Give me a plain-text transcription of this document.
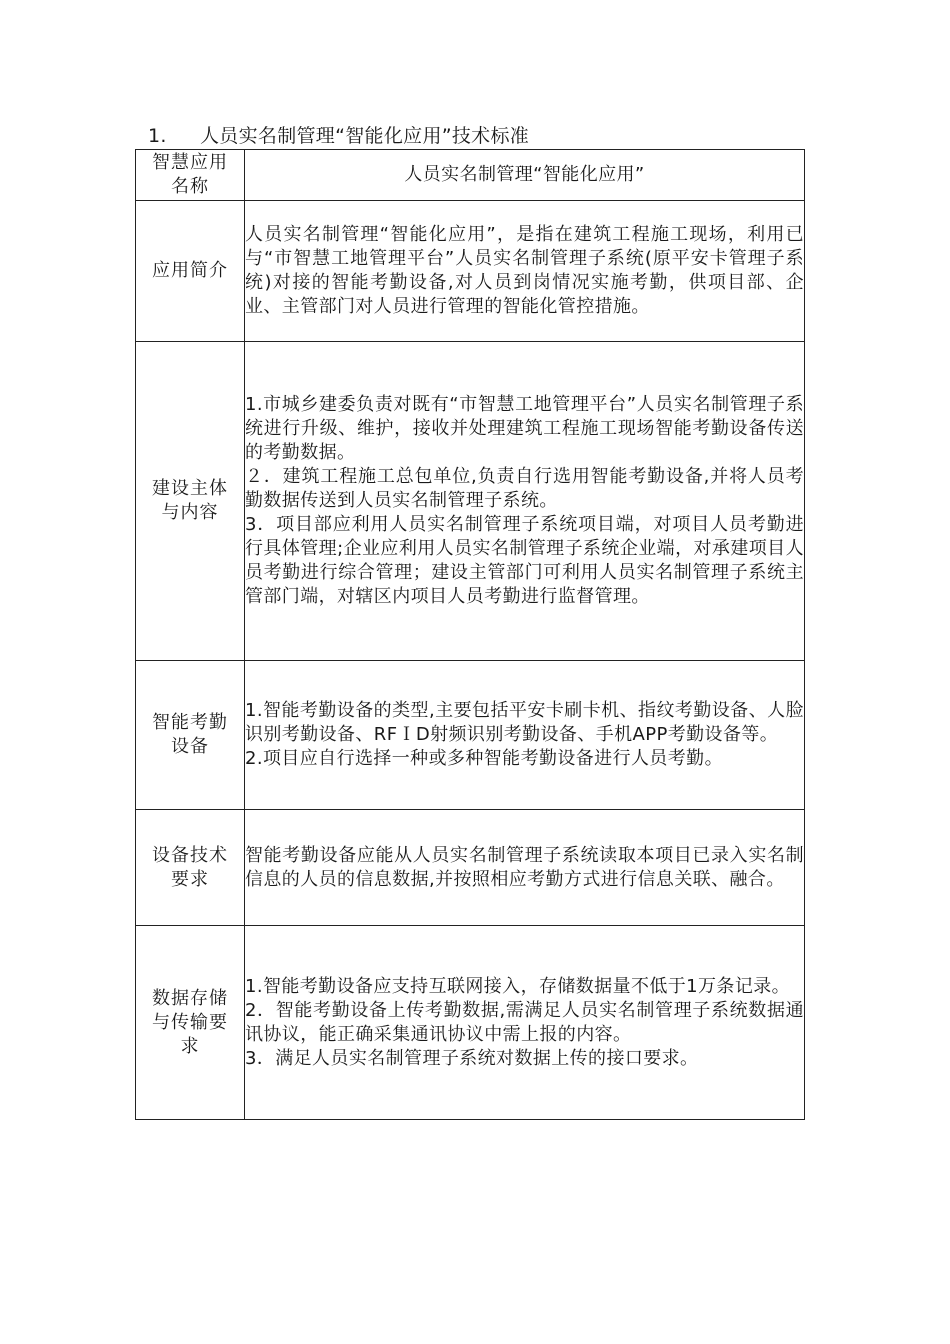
1. 人员实名制管理“智能化应用”技术标准
智慧应用名称	人员实名制管理“智能化应用”
应用简介	人员实名制管理“智能化应用”，是指在建筑工程施工现场，利用已与“市智慧工地管理平台”人员实名制管理子系统(原平安卡管理子系统)对接的智能考勤设备,对人员到岗情况实施考勤，供项目部、企业、主管部门对人员进行管理的智能化管控措施。

建设主体与内容	1.市城乡建委负责对既有“市智慧工地管理平台”人员实名制管理子系统进行升级、维护，接收并处理建筑工程施工现场智能考勤设备传送的考勤数据。

２．建筑工程施工总包单位,负责自行选用智能考勤设备,并将人员考勤数据传送到人员实名制管理子系统。

3．项目部应利用人员实名制管理子系统项目端，对项目人员考勤进行具体管理;企业应利用人员实名制管理子系统企业端，对承建项目人员考勤进行综合管理；建设主管部门可利用人员实名制管理子系统主管部门端，对辖区内项目人员考勤进行监督管理。

智能考勤设备	1.智能考勤设备的类型,主要包括平安卡刷卡机、指纹考勤设备、人脸识别考勤设备、RFＩD射频识别考勤设备、手机APP考勤设备等。

2.项目应自行选择一种或多种智能考勤设备进行人员考勤。

设备技术要求	智能考勤设备应能从人员实名制管理子系统读取本项目已录入实名制信息的人员的信息数据,并按照相应考勤方式进行信息关联、融合。

数据存储与传输要求	1.智能考勤设备应支持互联网接入，存储数据量不低于1万条记录。

2．智能考勤设备上传考勤数据,需满足人员实名制管理子系统数据通讯协议，能正确采集通讯协议中需上报的内容。

3．满足人员实名制管理子系统对数据上传的接口要求。
